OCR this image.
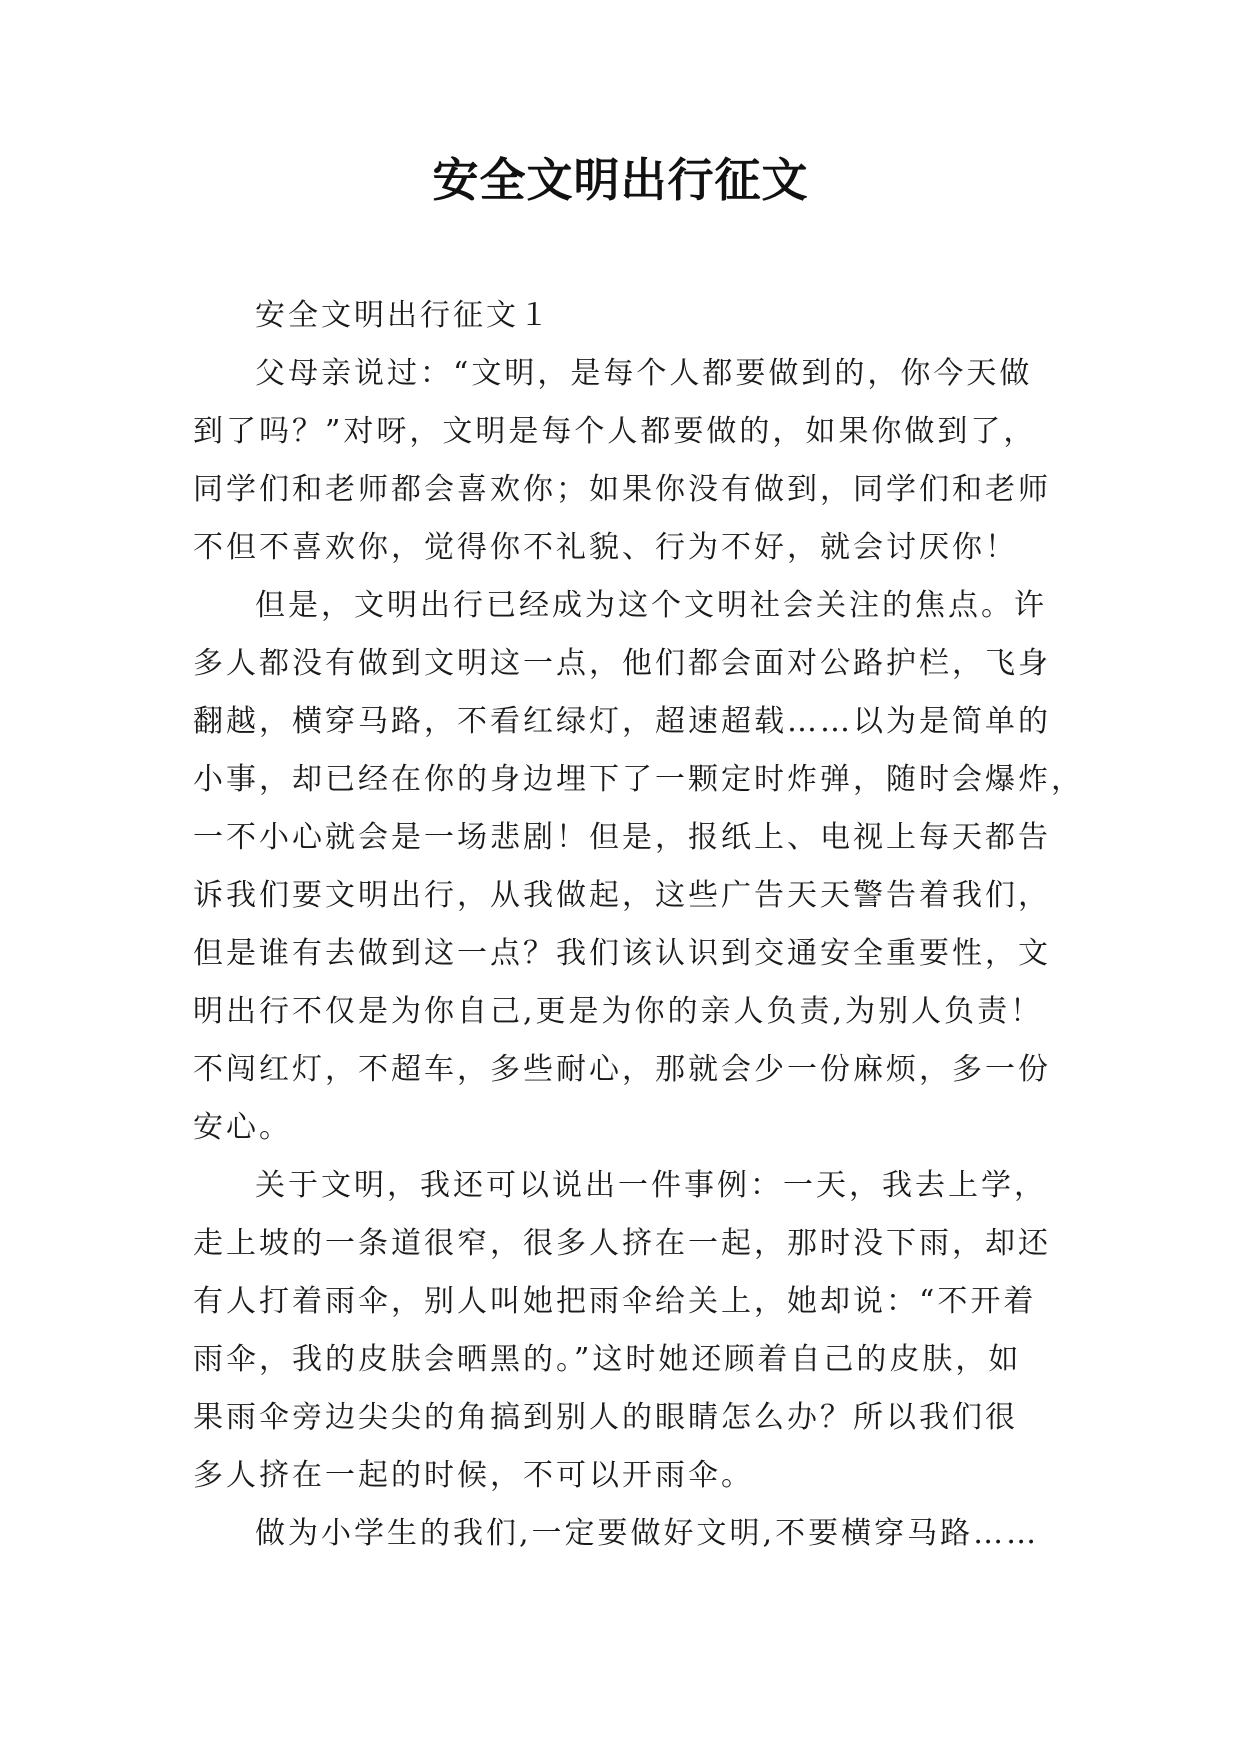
安全文明出行征文

安全文明出行征文１

父母亲说过：“文明，是每个人都要做到的，你今天做
到了吗？”对呀，文明是每个人都要做的，如果你做到了，
同学们和老师都会喜欢你；如果你没有做到，同学们和老师
不但不喜欢你，觉得你不礼貌、行为不好，就会讨厌你！

但是，文明出行已经成为这个文明社会关注的焦点。许
多人都没有做到文明这一点，他们都会面对公路护栏，飞身
翻越，横穿马路，不看红绿灯，超速超载……以为是简单的
小事，却已经在你的身边埋下了一颗定时炸弹，随时会爆炸，
一不小心就会是一场悲剧！但是，报纸上、电视上每天都告
诉我们要文明出行，从我做起，这些广告天天警告着我们，
但是谁有去做到这一点？我们该认识到交通安全重要性，文
明出行不仅是为你自己,更是为你的亲人负责,为别人负责！
不闯红灯，不超车，多些耐心，那就会少一份麻烦，多一份
安心。

关于文明，我还可以说出一件事例：一天，我去上学，
走上坡的一条道很窄，很多人挤在一起，那时没下雨，却还
有人打着雨伞，别人叫她把雨伞给关上，她却说：“不开着
雨伞，我的皮肤会晒黑的。”这时她还顾着自己的皮肤，如
果雨伞旁边尖尖的角搞到别人的眼睛怎么办？所以我们很
多人挤在一起的时候，不可以开雨伞。

做为小学生的我们,一定要做好文明,不要横穿马路……
